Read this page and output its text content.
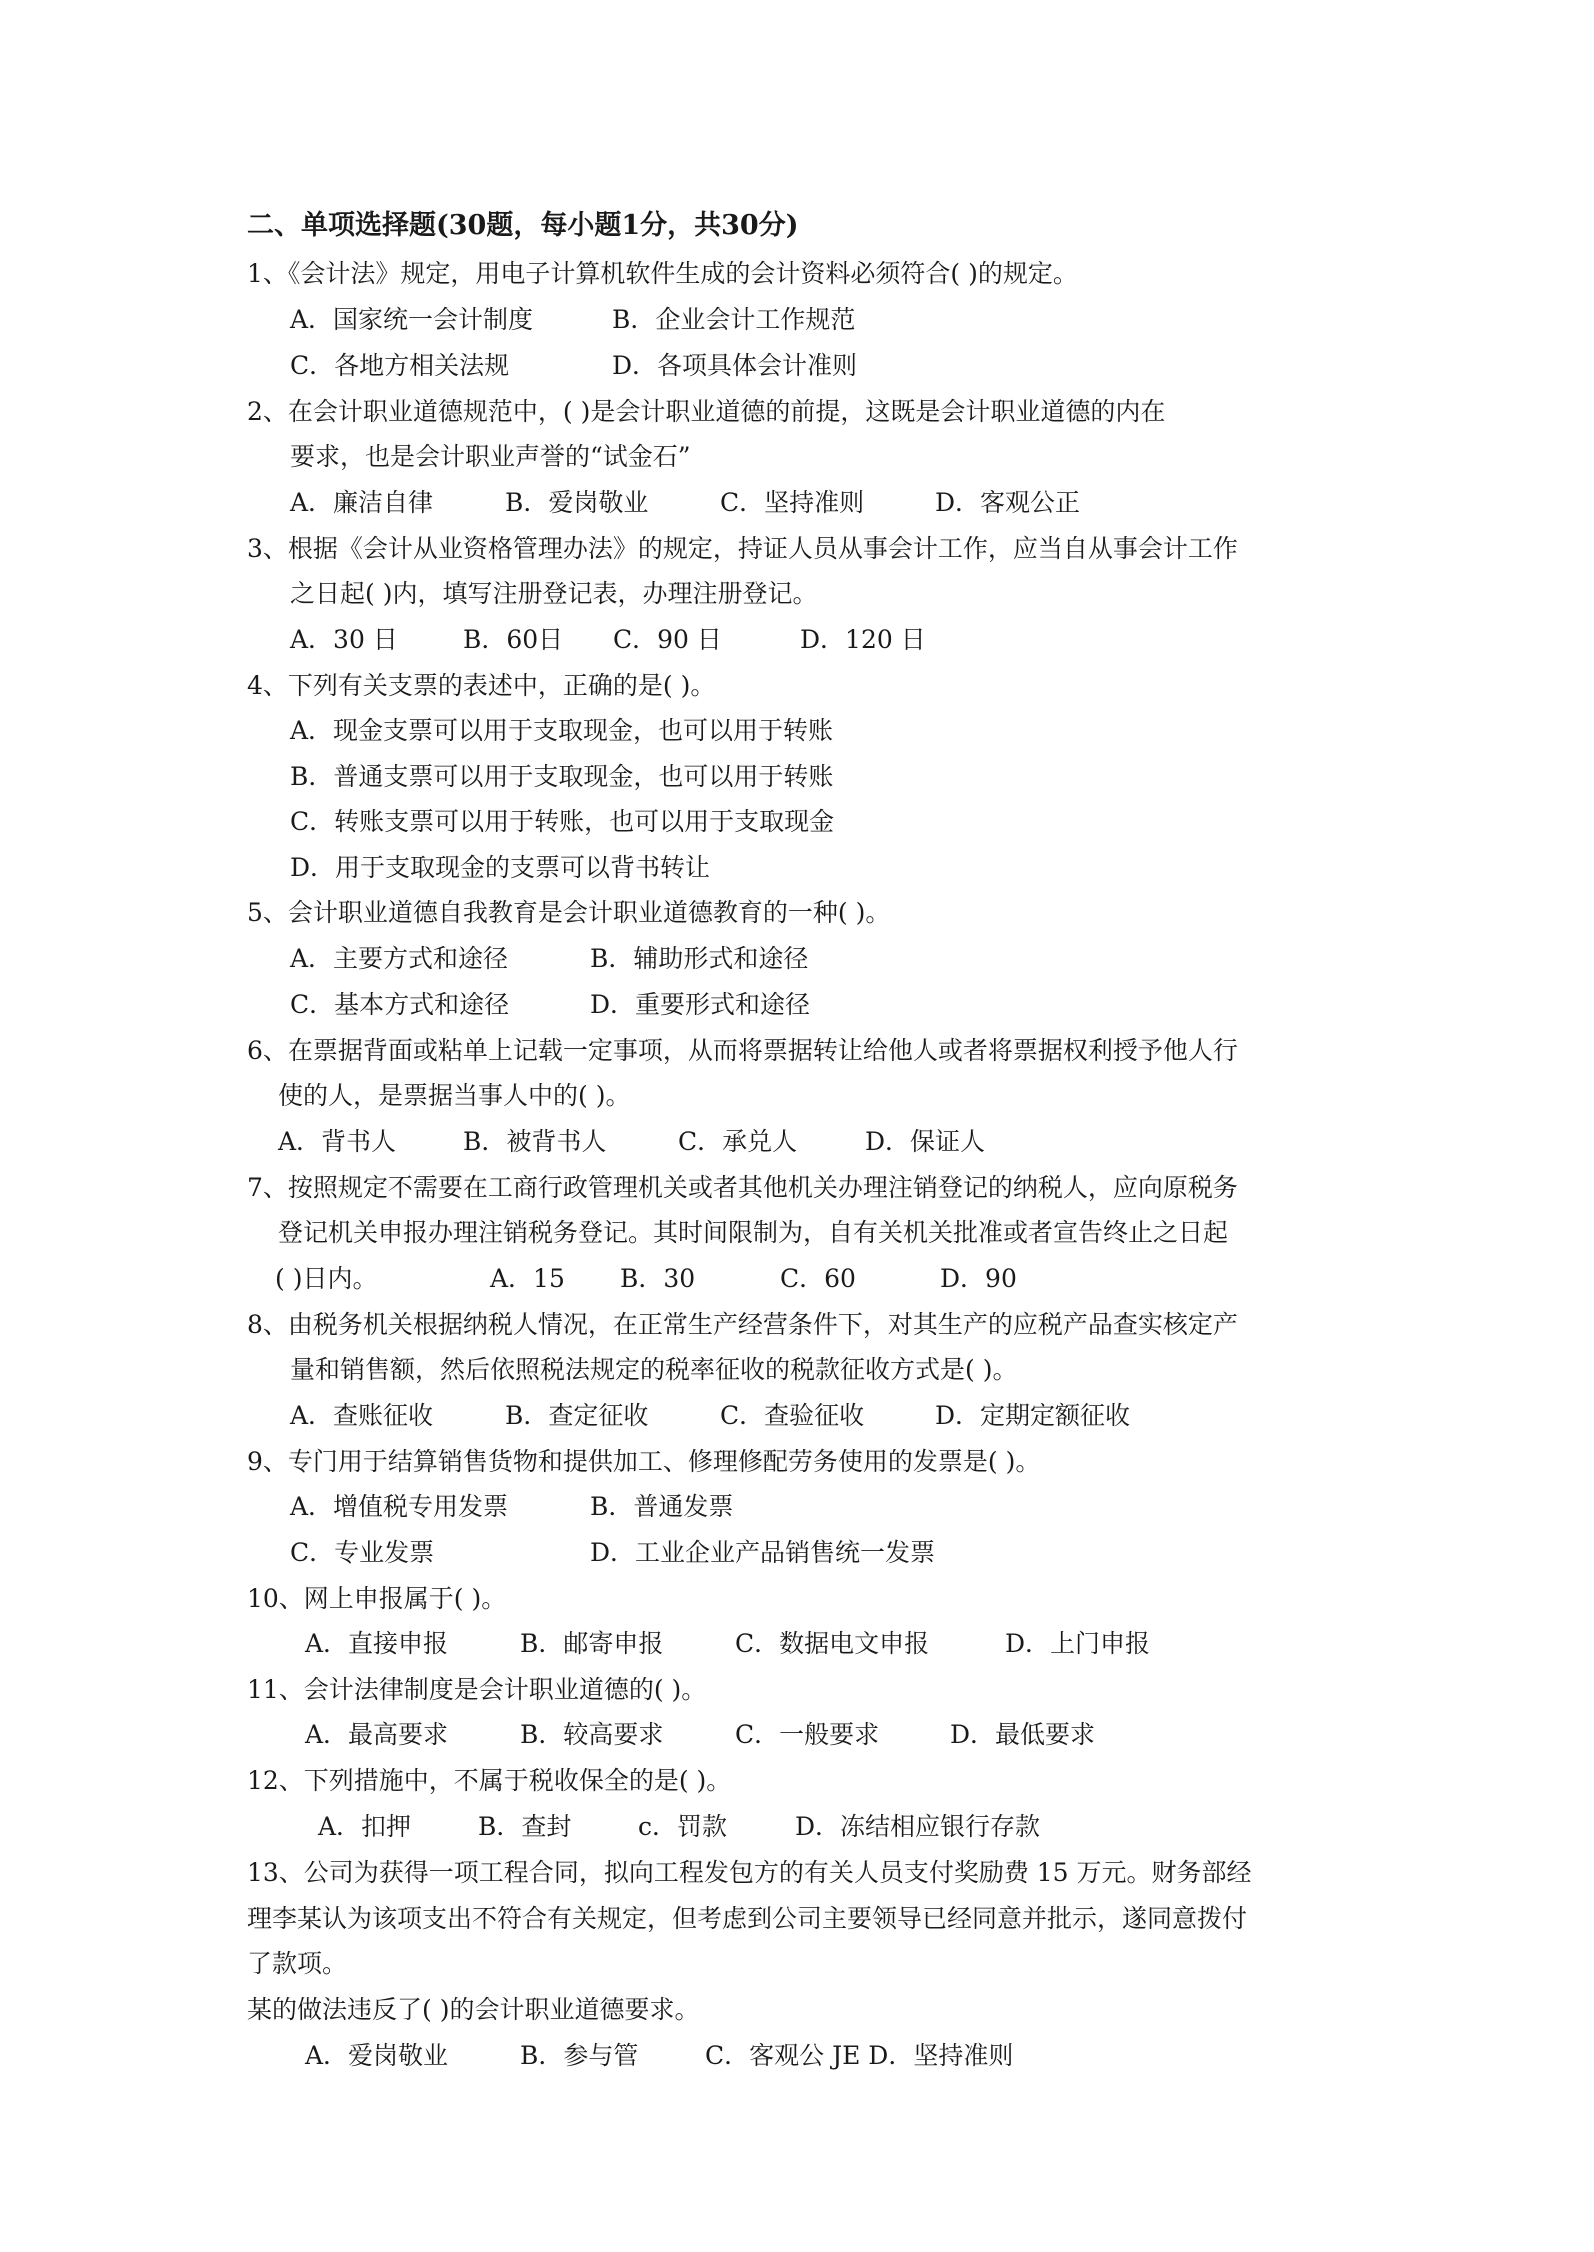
二、单项选择题(30题，每小题1分，共30分)
1、《会计法》规定，用电子计算机软件生成的会计资料必须符合( )的规定。
A．国家统一会计制度	B．企业会计工作规范
C．各地方相关法规	D．各项具体会计准则
2、在会计职业道德规范中，( )是会计职业道德的前提，这既是会计职业道德的内在
要求，也是会计职业声誉的“试金石”
A．廉洁自律	B．爱岗敬业	C．坚持准则	D．客观公正
3、根据《会计从业资格管理办法》的规定，持证人员从事会计工作，应当自从事会计工作
之日起( )内，填写注册登记表，办理注册登记。
A．30 日	B．60日 C．90 日	D．120 日
4、下列有关支票的表述中，正确的是( )。
A．现金支票可以用于支取现金，也可以用于转账
B．普通支票可以用于支取现金，也可以用于转账
C．转账支票可以用于转账，也可以用于支取现金
D．用于支取现金的支票可以背书转让
5、会计职业道德自我教育是会计职业道德教育的一种( )。
A．主要方式和途径	B．辅助形式和途径
C．基本方式和途径	D．重要形式和途径
6、在票据背面或粘单上记载一定事项，从而将票据转让给他人或者将票据权利授予他人行
使的人，是票据当事人中的( )。
A．背书人	B．被背书人	C．承兑人	D．保证人
7、按照规定不需要在工商行政管理机关或者其他机关办理注销登记的纳税人，应向原税务
登记机关申报办理注销税务登记。其时间限制为，自有关机关批准或者宣告终止之日起
( )日内。	A．15 B．30	C．60	D．90
8、由税务机关根据纳税人情况，在正常生产经营条件下，对其生产的应税产品查实核定产
量和销售额，然后依照税法规定的税率征收的税款征收方式是( )。
A．查账征收	B．查定征收	C．查验征收	D．定期定额征收
9、专门用于结算销售货物和提供加工、修理修配劳务使用的发票是( )。
A．增值税专用发票	B．普通发票
C．专业发票	D．工业企业产品销售统一发票
10、网上申报属于( )。
A．直接申报	B．邮寄申报	C．数据电文申报	D．上门申报
11、会计法律制度是会计职业道德的( )。
A．最高要求	B．较高要求	C．一般要求	D．最低要求
12、下列措施中，不属于税收保全的是( )。
A．扣押	B．查封	c．罚款	D．冻结相应银行存款
13、公司为获得一项工程合同，拟向工程发包方的有关人员支付奖励费 15 万元。财务部经
理李某认为该项支出不符合有关规定，但考虑到公司主要领导已经同意并批示，遂同意拨付
了款项。
某的做法违反了( )的会计职业道德要求。
A．爱岗敬业	B．参与管	C．客观公 JE D．坚持准则
